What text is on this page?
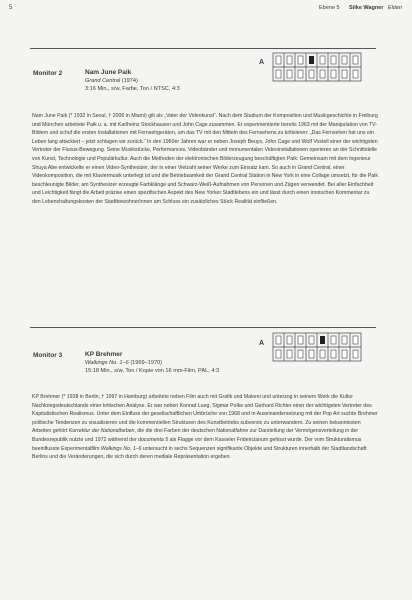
5	Ebene 5 Silke Wagner Elden
A
Monitor 2	Nam June Paik
Grand Central (1974)
3:16 Min., s/w, Farbe, Ton / NTSC, 4:3

Nam June Paik (* 1932 in Seoul, † 2006 in Miami) gilt als „Vater der Videokunst“. Nach dem Studium der Komposition und Musikgeschichte in Freiburg und München arbeitete Paik u. a. mit Karlheinz Stockhausen und John Cage zusammen. Er experimentierte bereits 1963 mit der Manipulation von TV-Bildern und schuf die ersten Installationen mit Fernsehgeräten, um das TV mit den Mitteln des Fernsehens zu kritisieren: „Das Fernsehen hat uns ein Leben lang attackiert – jetzt schlagen wir zurück.“ In den 1960er Jahren war er neben Joseph Beuys, John Cage und Wolf Vostell einer der wichtigsten Vertreter der Fluxus-Bewegung. Seine Musikstücke, Performances, Videobänder und monumentalen Videoinstallationen operieren an der Schnittstelle von Kunst, Technologie und Populärkultur. Auch die Methoden der elektronischen Bilderzeugung beschäftigten Paik: Gemeinsam mit dem Ingenieur Shuya Abe entwickelte er einen Video-Synthesizer, der in einer Vielzahl seiner Werke zum Einsatz kam. So auch in Grand Central, einer Videokomposition, die mit Klaviermusik unterlegt ist und die Betriebsamkeit der Grand Central Station in New York in eine Collage umsetzt, für die Paik beschleunigte Bilder, am Synthesizer erzeugte Farbklänge und Schwarz-Weiß-Aufnahmen von Personen und Zügen verwendet. Bei aller Einfachheit und Leichtigkeit fängt die Arbeit präzise einen spezifischen Aspekt des New Yorker Stadtlebens ein und lässt durch einen ironischen Kommentar zu den Lebenshaltungskosten der StadtbewohnerInnen am Schluss ein zusätzliches Stück Realität einfließen.

A
Monitor 3	KP Brehmer
Walkings No. 1–6 (1969–1970)
15:18 Min., s/w, Ton / Kopie von 16 mm-Film, PAL, 4:3

KP Brehmer (* 1938 in Berlin, † 1997 in Hamburg) arbeitete neben Film auch mit Grafik und Malerei und unterzog in seinem Werk die Kultur Nachkriegsdeutschlands einer kritischen Analyse. Er war neben Konrad Lueg, Sigmar Polke und Gerhard Richter einer der wichtigsten Vertreter des Kapitalistischen Realismus. Unter dem Einfluss der gesellschaftlichen Umbrüche von 1968 und in Auseinandersetzung mit der Pop Art suchte Brehmer politische Tendenzen zu visualisieren und die kommerziellen Strukturen des Kunstbetriebs subversiv zu unterwandern. Zu seinen bekanntesten Arbeiten gehört Korrektur der Nationalfarben, die die drei Farben der deutschen Nationalfahne zur Darstellung der Vermögensverteilung in der Bundesrepublik nutzte und 1972 während der documenta 5 als Flagge vor dem Kasseler Fridericianum gehisst wurde. Der vom Strukturalismus beeinflusste Experimentalfilm Walkings No. 1–6 untersucht in sechs Sequenzen signifikante Objekte und Strukturen innerhalb der Stadtlandschaft Berlins und die Veränderungen, die sich durch deren mediale Repräsentation ergeben.
